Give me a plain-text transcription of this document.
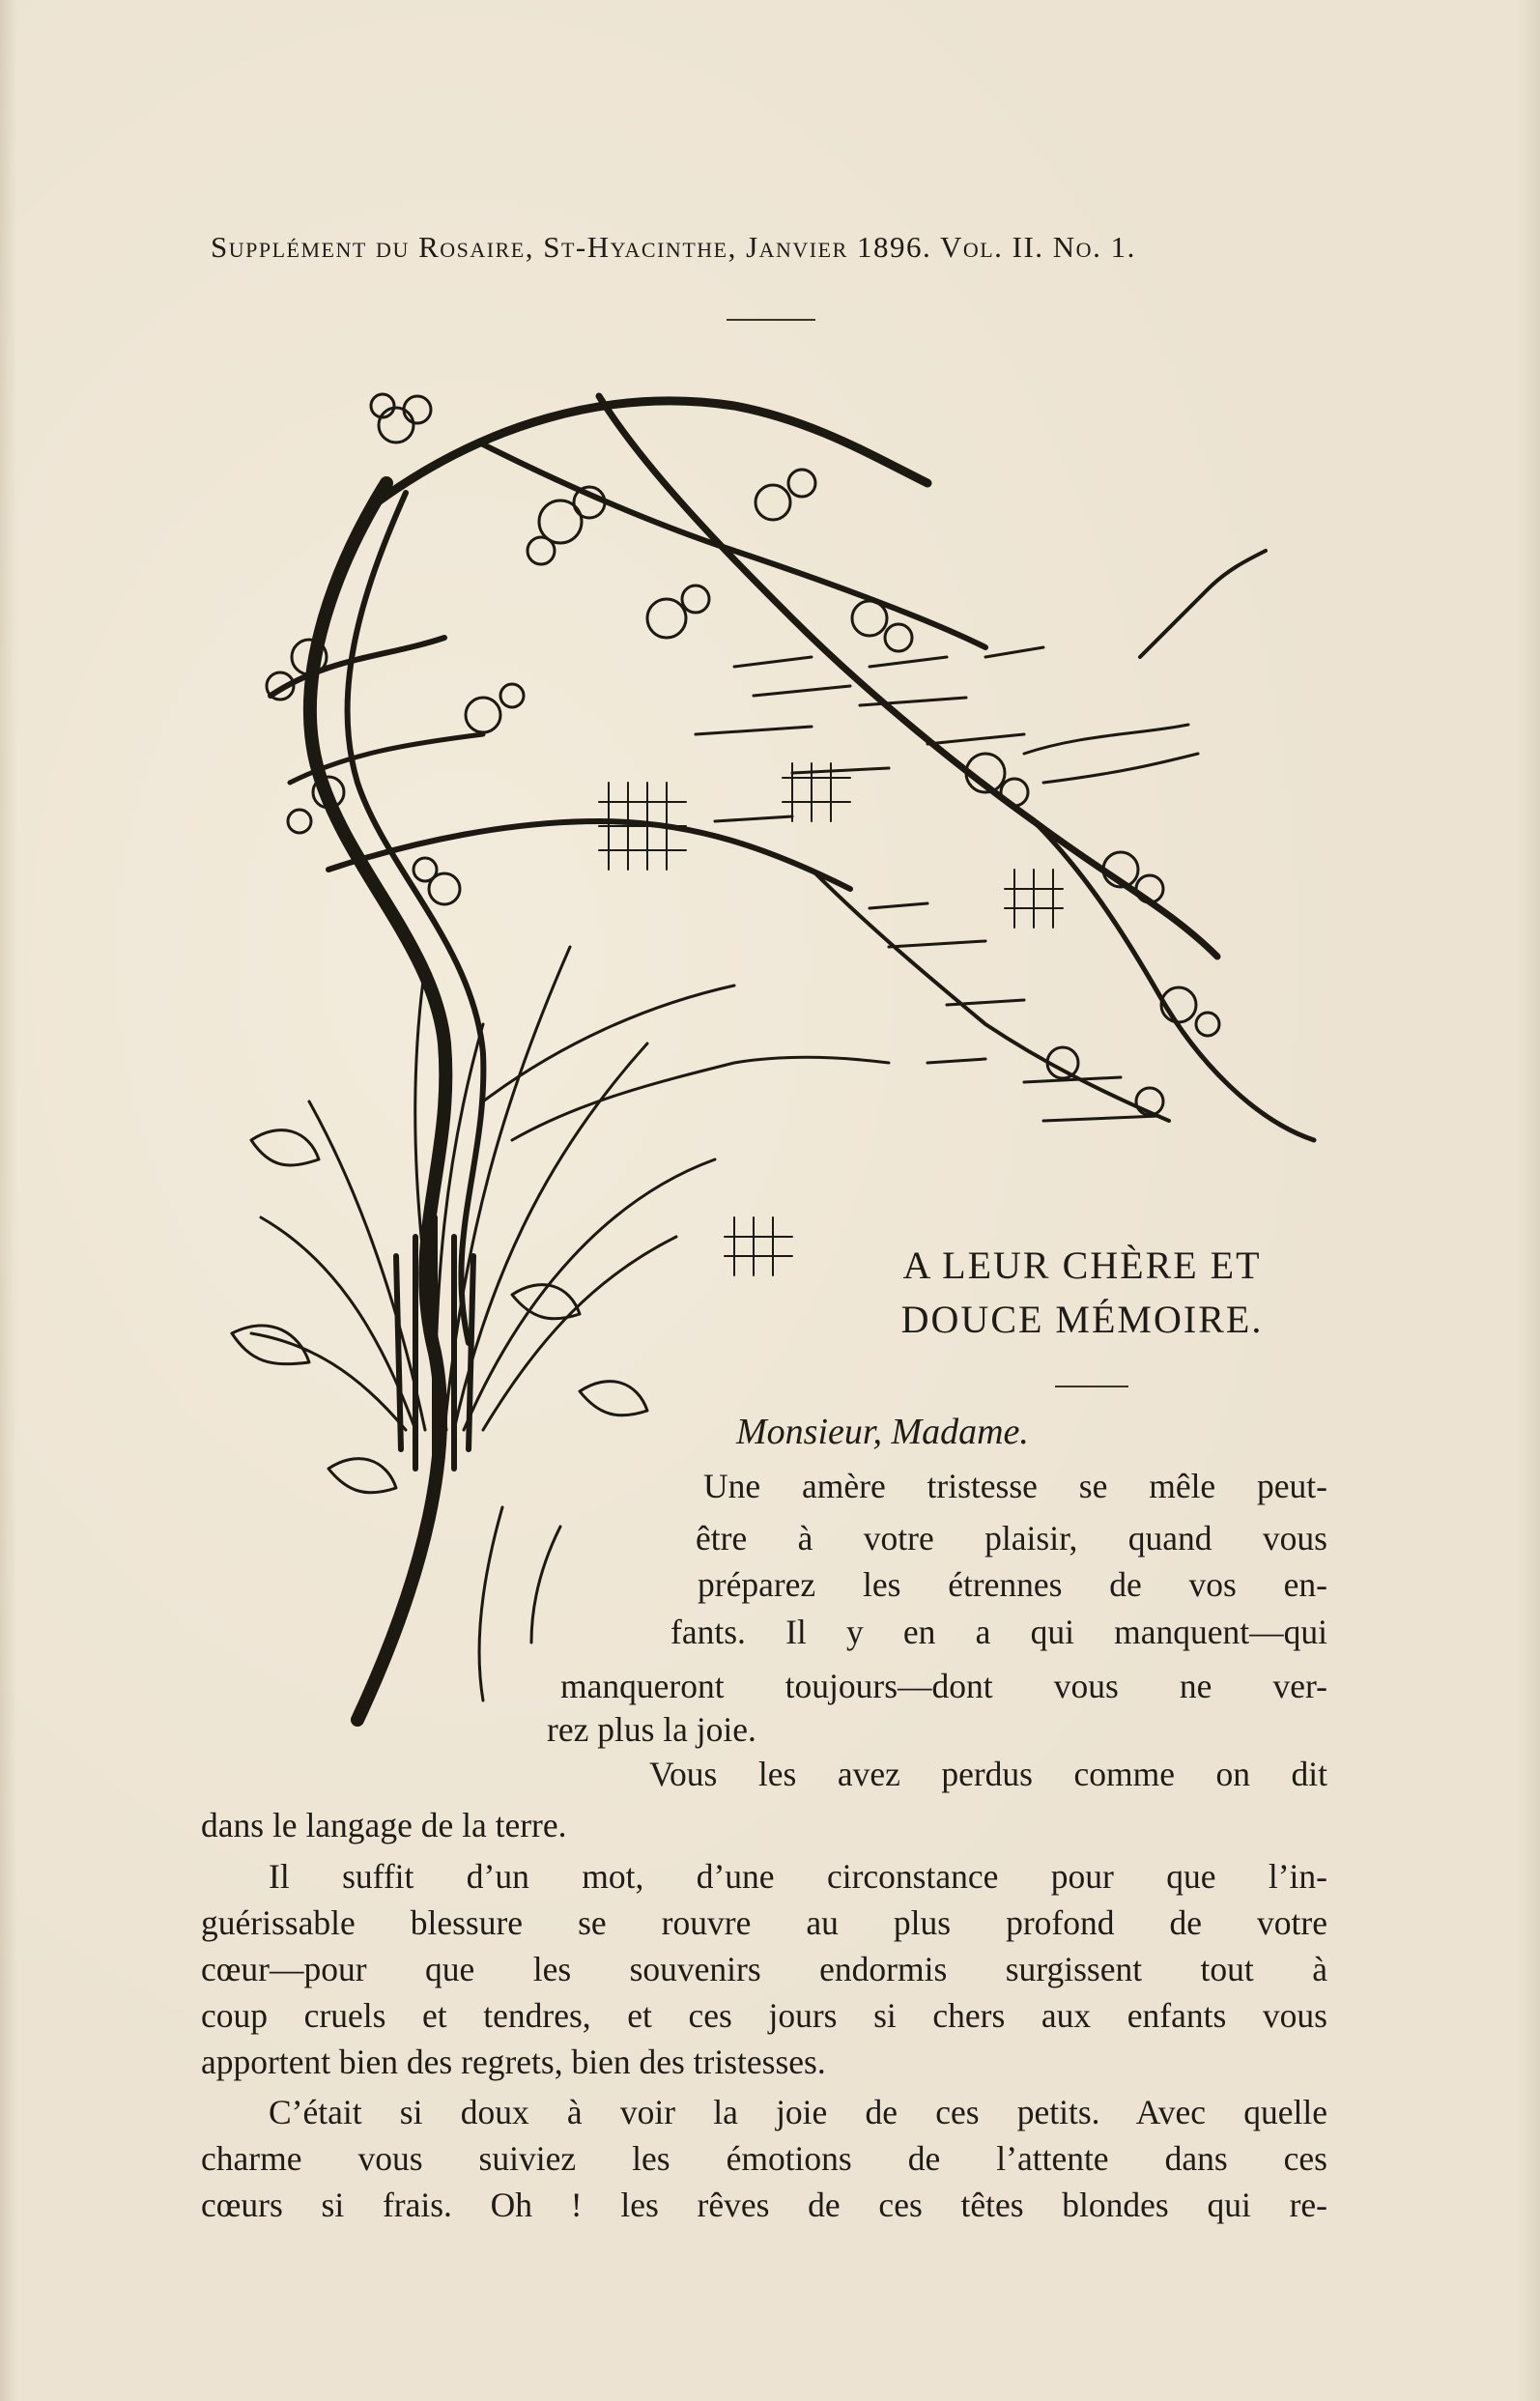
Supplément du Rosaire, St-Hyacinthe, Janvier 1896. Vol. II. No. 1.
A LEUR CHÈRE ET
DOUCE MÉMOIRE.
Monsieur, Madame.
Une amère tristesse se mêle peut-
être à votre plaisir, quand vous
préparez les étrennes de vos en-
fants. Il y en a qui manquent—qui
manqueront toujours—dont vous ne ver-
rez plus la joie.
Vous les avez perdus comme on dit
dans le langage de la terre.
Il suffit d’un mot, d’une circonstance pour que l’in-
guérissable blessure se rouvre au plus profond de votre
cœur—pour que les souvenirs endormis surgissent tout à
coup cruels et tendres, et ces jours si chers aux enfants vous
apportent bien des regrets, bien des tristesses.
C’était si doux à voir la joie de ces petits. Avec quelle
charme vous suiviez les émotions de l’attente dans ces
cœurs si frais. Oh ! les rêves de ces têtes blondes qui re-
